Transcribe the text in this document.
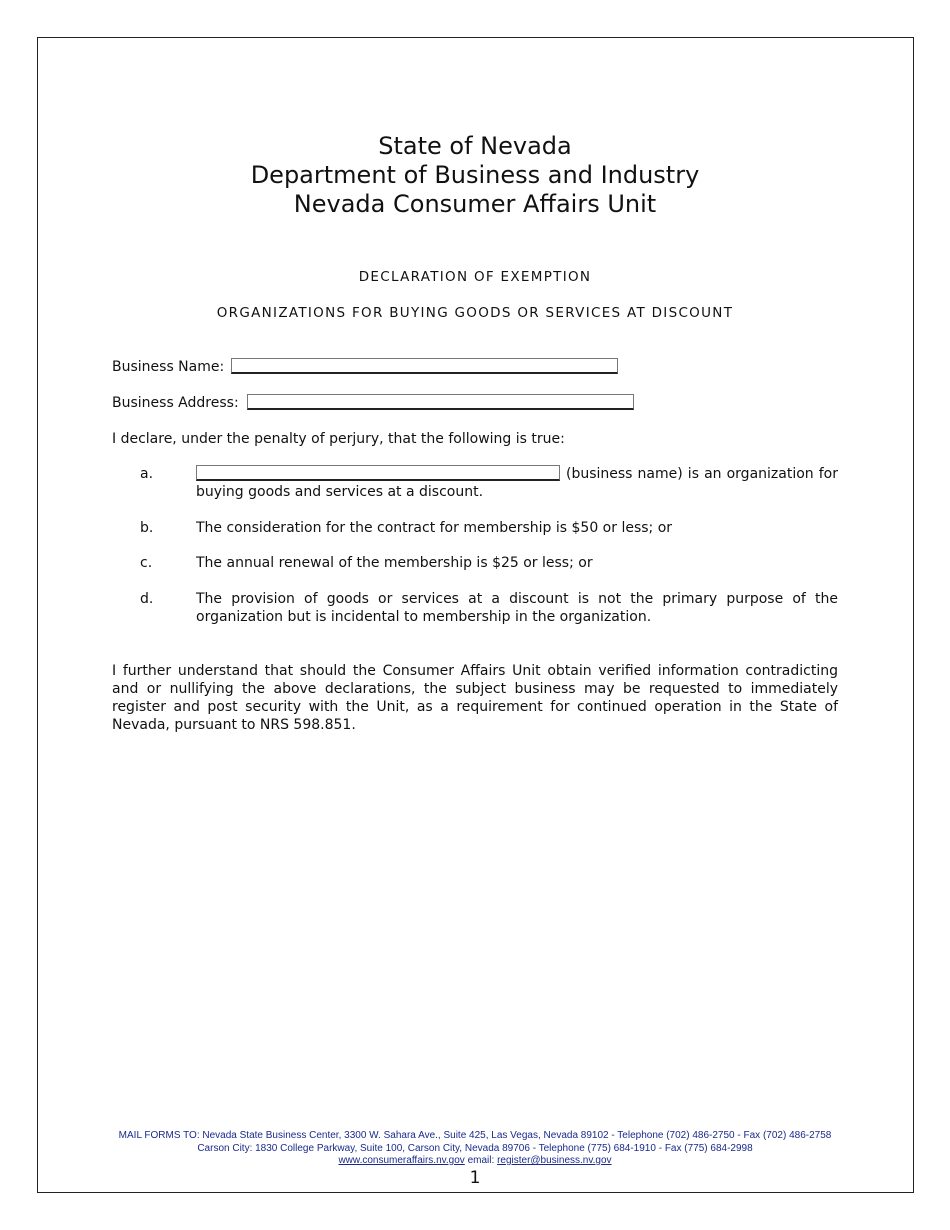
State of Nevada
Department of Business and Industry
Nevada Consumer Affairs Unit
DECLARATION OF EXEMPTION
ORGANIZATIONS FOR BUYING GOODS OR SERVICES AT DISCOUNT
Business Name:
Business Address:
I declare, under the penalty of perjury, that the following is true:
a.	(business name) is an organization for
buying goods and services at a discount.
b.	The consideration for the contract for membership is $50 or less; or
c.	The annual renewal of the membership is $25 or less; or
d.	The provision of goods or services at a discount is not the primary purpose of the organization but is incidental to membership in the organization.
I further understand that should the Consumer Affairs Unit obtain verified information contradicting and or nullifying the above declarations, the subject business may be requested to immediately register and post security with the Unit, as a requirement for continued operation in the State of Nevada, pursuant to NRS 598.851.
MAIL FORMS TO: Nevada State Business Center, 3300 W. Sahara Ave., Suite 425, Las Vegas, Nevada 89102 - Telephone (702) 486-2750 - Fax (702) 486-2758
Carson City: 1830 College Parkway, Suite 100, Carson City, Nevada 89706 - Telephone (775) 684-1910 - Fax (775) 684-2998
www.consumeraffairs.nv.gov email: register@business.nv.gov
1
